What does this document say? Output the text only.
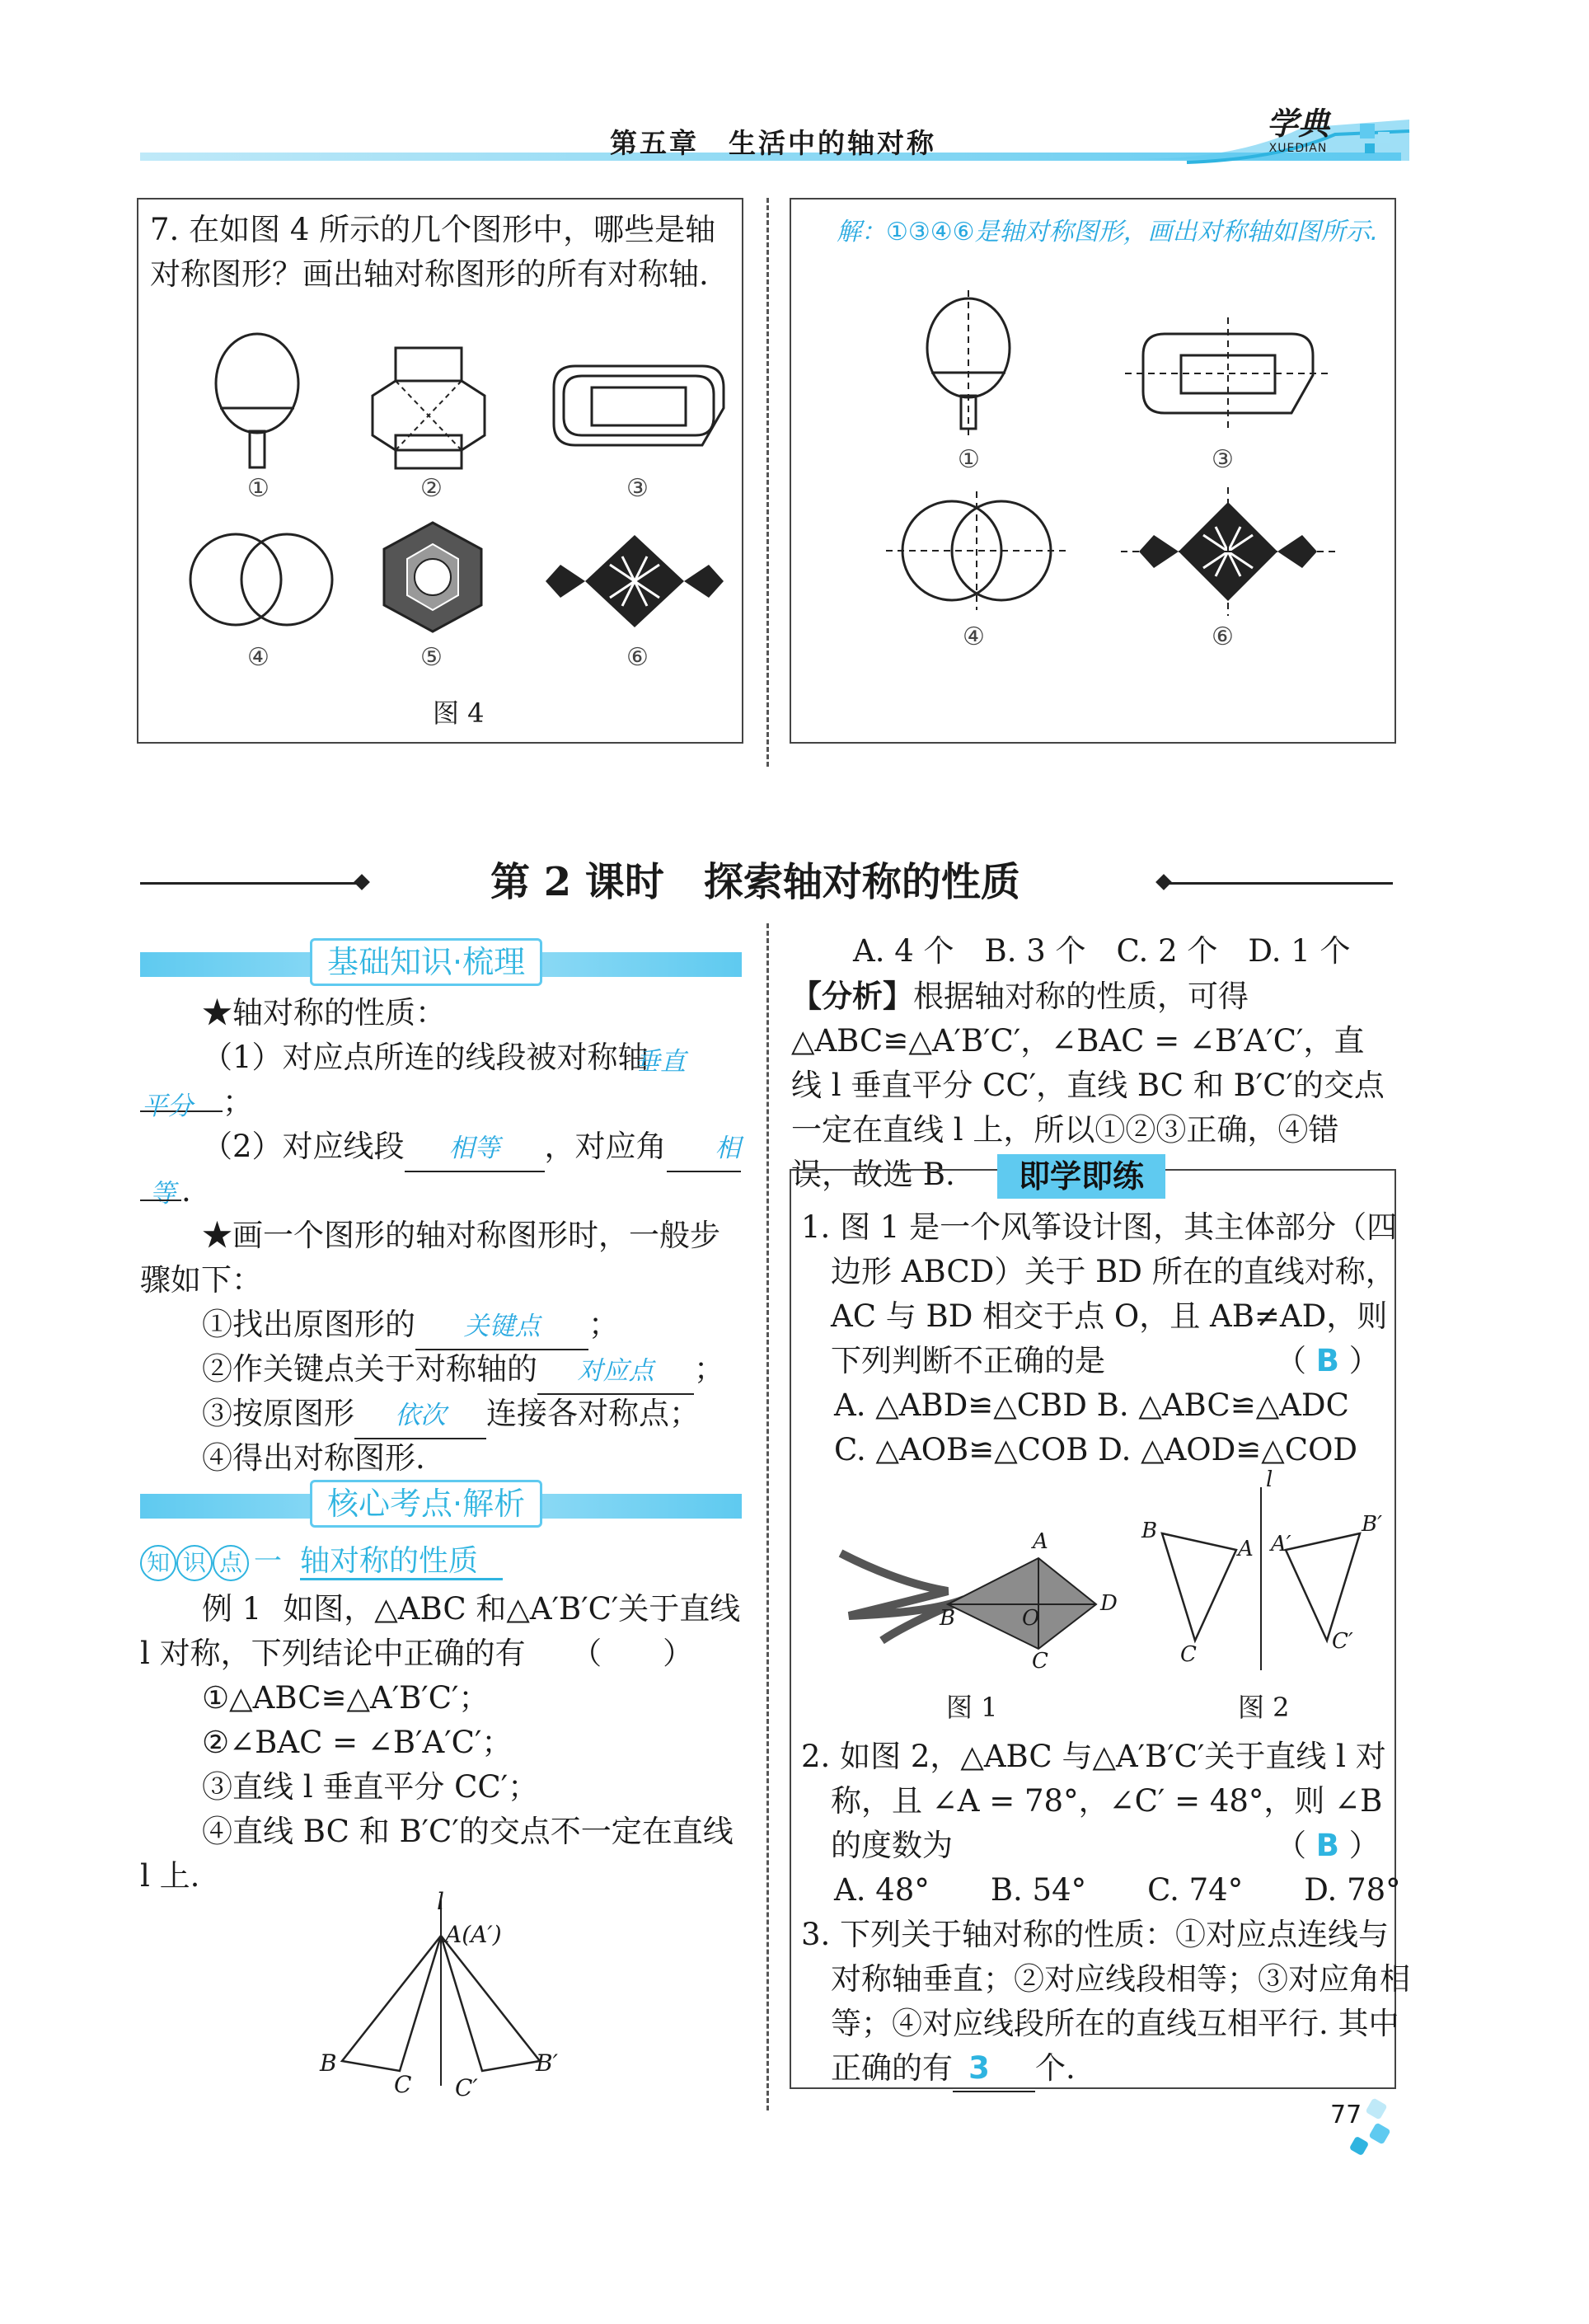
第五章　生活中的轴对称
学典
XUEDIAN
7. 在如图 4 所示的几个图形中，哪些是轴对称图形？画出轴对称图形的所有对称轴.
①	②	③
④	⑤	⑥
图 4
解：①③④⑥是轴对称图形，画出对称轴如图所示.
①	③
④	⑥
第 2 课时　探索轴对称的性质
基础知识·梳理
★轴对称的性质：
（1）对应点所连的线段被对称轴
；
垂直
平分
（2）对应线段 相等 ，对应角 相
等 .
★画一个图形的轴对称图形时，一般步骤如下：
①找出原图形的 关键点 ；
②作关键点关于对称轴的 对应点 ；
③按原图形 依次 连接各对称点；
④得出对称图形.
核心考点·解析
知 识 点 一 轴对称的性质
例 1 如图，△ABC 和△A′B′C′关于直线 l 对称，下列结论中正确的有　　（　　）
①△ABC≌△A′B′C′；
②∠BAC = ∠B′A′C′；
③直线 l 垂直平分 CC′；
④直线 BC 和 B′C′的交点不一定在直线 l 上.
l
A(A′)
B
C C′
B′
A. 4 个　B. 3 个　C. 2 个　D. 1 个
【分析】根据轴对称的性质，可得△ABC≌△A′B′C′，∠BAC = ∠B′A′C′，直线 l 垂直平分 CC′，直线 BC 和 B′C′的交点一定在直线 l 上，所以①②③正确，④错误，故选 B.	即学即练
1. 图 1 是一个风筝设计图，其主体部分（四边形 ABCD）关于 BD 所在的直线对称，AC 与 BD 相交于点 O，且 AB≠AD，则下列判断不正确的是	（ B ）
A. △ABD≌△CBD B. △ABC≌△ADC
C. △AOB≌△COB D. △AOD≌△COD
A
B
C
D
O
图 1
l
B
A
C
A′
B′
C′
图 2
2. 如图 2，△ABC 与△A′B′C′关于直线 l 对称，且 ∠A = 78°，∠C′ = 48°，则 ∠B 的度数为	（ B ）
A. 48°　　B. 54°　　C. 74°　　D. 78°
3. 下列关于轴对称的性质：①对应点连线与对称轴垂直；②对应线段相等；③对应角相等；④对应线段所在的直线互相平行. 其中正确的有 3 个.
77
